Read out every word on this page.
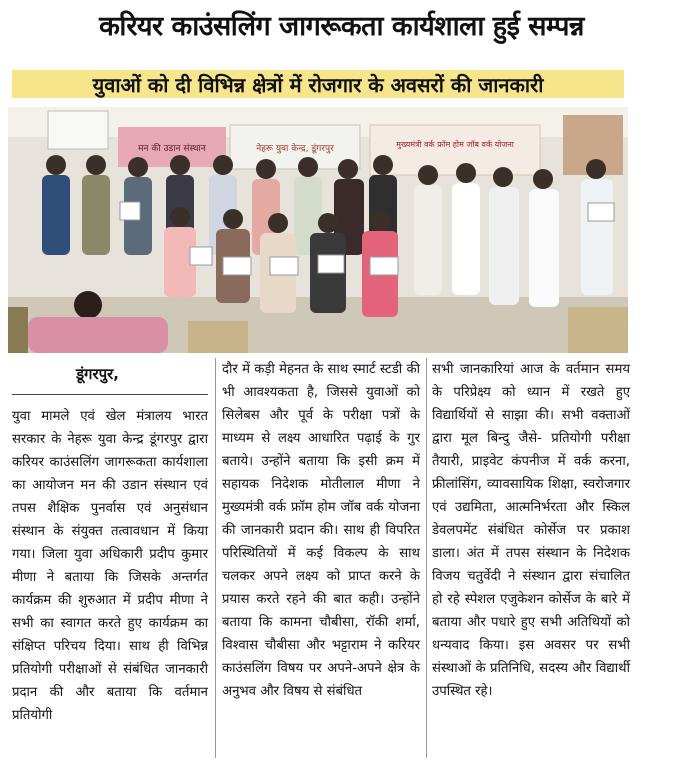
करियर काउंसलिंग जागरूकता कार्यशाला हुई सम्पन्न
युवाओं को दी विभिन्न क्षेत्रों में रोजगार के अवसरों की जानकारी
मन की उडान संस्थान	नेहरू युवा केन्द्र, डूंगरपुर	मुख्यमंत्री वर्क फ्रॉम होम जॉब वर्क योजना
डूंगरपुर,
युवा मामले एवं खेल मंत्रालय भारत सरकार के नेहरू युवा केन्द्र डूंगरपुर द्वारा करियर काउंसलिंग जागरूकता कार्यशाला का आयोजन मन की उडान संस्थान एवं तपस शैक्षिक पुनर्वास एवं अनुसंधान संस्थान के संयुक्त तत्वावधान में किया गया। जिला युवा अधिकारी प्रदीप कुमार मीणा ने बताया कि जिसके अन्तर्गत कार्यक्रम की शुरुआत में प्रदीप मीणा ने सभी का स्वागत करते हुए कार्यक्रम का संक्षिप्त परिचय दिया। साथ ही विभिन्न प्रतियोगी परीक्षाओं से संबंधित जानकारी प्रदान की और बताया कि वर्तमान प्रतियोगी
दौर में कड़ी मेहनत के साथ स्मार्ट स्टडी की भी आवश्यकता है, जिससे युवाओं को सिलेबस और पूर्व के परीक्षा पत्रों के माध्यम से लक्ष्य आधारित पढ़ाई के गुर बताये। उन्होंने बताया कि इसी क्रम में सहायक निदेशक मोतीलाल मीणा ने मुख्यमंत्री वर्क फ्रॉम होम जॉब वर्क योजना की जानकारी प्रदान की। साथ ही विपरित परिस्थितियों में कई विकल्प के साथ चलकर अपने लक्ष्य को प्राप्त करने के प्रयास करते रहने की बात कही। उन्होंने बताया कि कामना चौबीसा, रॉकी शर्मा, विश्वास चौबीसा और भट्टाराम ने करियर काउंसलिंग विषय पर अपने-अपने क्षेत्र के अनुभव और विषय से संबंधित
सभी जानकारियां आज के वर्तमान समय के परिप्रेक्ष्य को ध्यान में रखते हुए विद्यार्थियों से साझा की। सभी वक्ताओं द्वारा मूल बिन्दु जैसे- प्रतियोगी परीक्षा तैयारी, प्राइवेट कंपनीज में वर्क करना, फ्रीलांसिंग, व्यावसायिक शिक्षा, स्वरोजगार एवं उद्यमिता, आत्मनिर्भरता और स्किल डेवलपमेंट संबंधित कोर्सेज पर प्रकाश डाला। अंत में तपस संस्थान के निदेशक विजय चतुर्वेदी ने संस्थान द्वारा संचालित हो रहे स्पेशल एजुकेशन कोर्सेज के बारे में बताया और पधारे हुए सभी अतिथियों को धन्यवाद किया। इस अवसर पर सभी संस्थाओं के प्रतिनिधि, सदस्य और विद्यार्थी उपस्थित रहे।
